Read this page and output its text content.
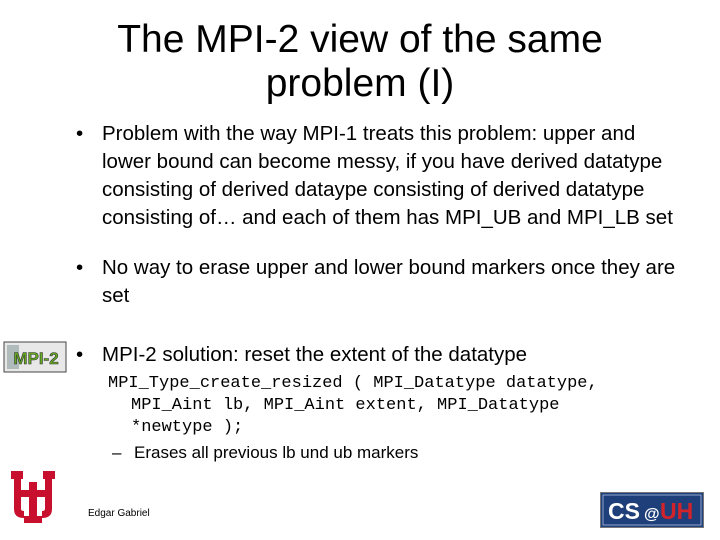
The MPI-2 view of the same problem (I)
• Problem with the way MPI-1 treats this problem: upper and lower bound can become messy, if you have derived datatype consisting of derived dataype consisting of derived datatype consisting of… and each of them has MPI_UB and MPI_LB set
• No way to erase upper and lower bound markers once they are set
• MPI-2 solution: reset the extent of the datatype
MPI_Type_create_resized ( MPI_Datatype datatype,
MPI_Aint lb, MPI_Aint extent, MPI_Datatype
*newtype );
– Erases all previous lb und ub markers
MPI-2
Edgar Gabriel	CS @ UH
